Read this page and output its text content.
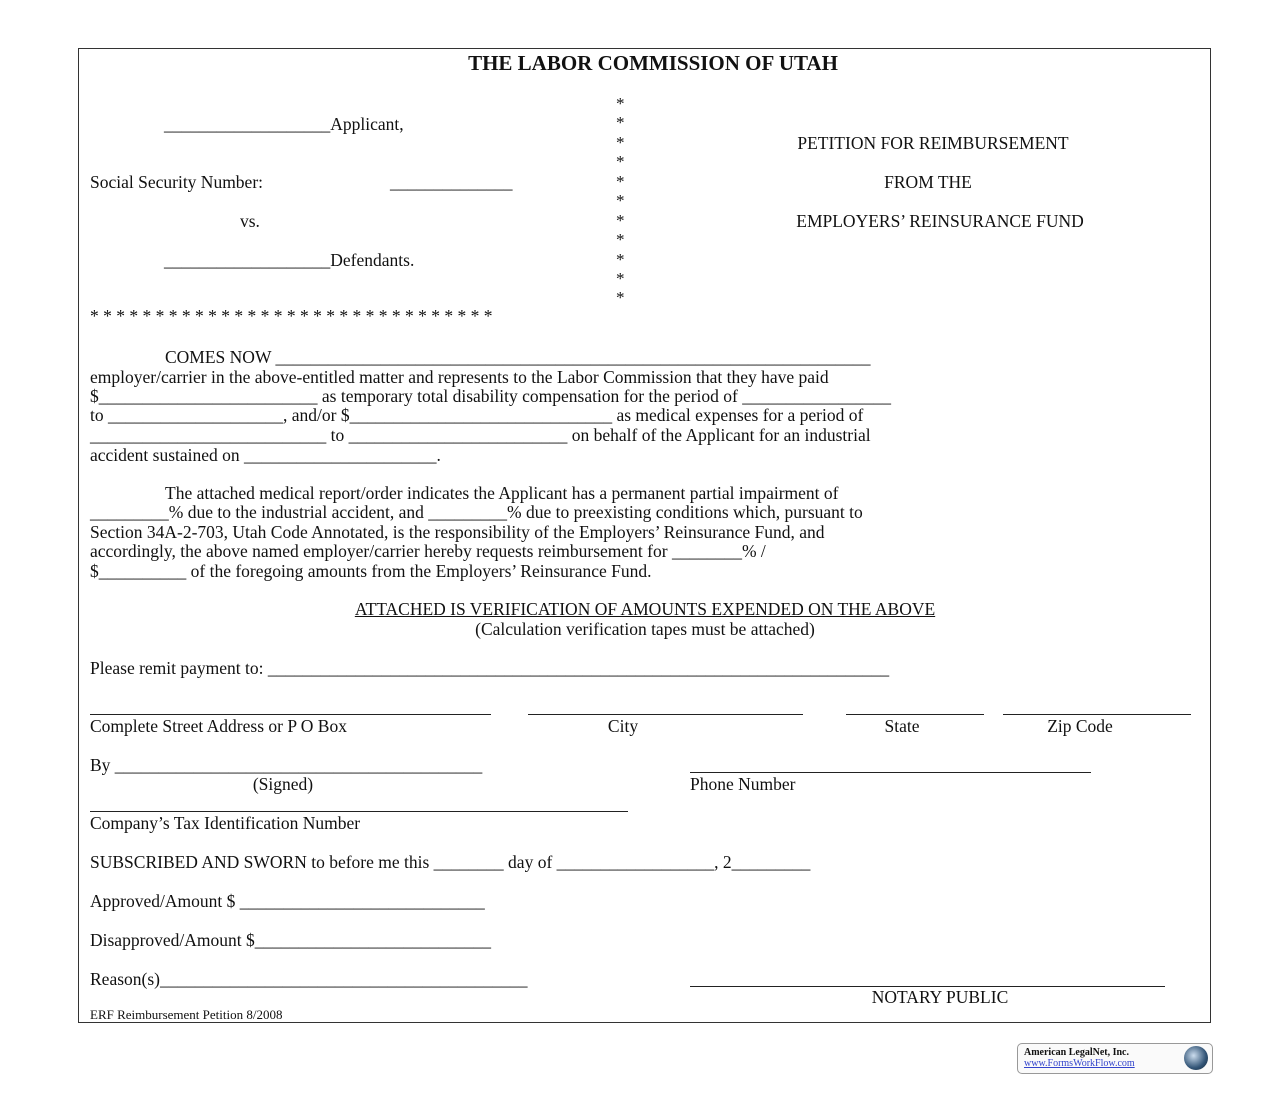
THE LABOR COMMISSION OF UTAH
___________________Applicant,
Social Security Number:	______________
vs.
___________________Defendants.
* * * * * * * * * * * * * * * * * * * * * * * * * * * * * * *
*
*
*
*
*
*
*
*
*
*
*
PETITION FOR REIMBURSEMENT
FROM THE
EMPLOYERS’ REINSURANCE FUND
COMES NOW ____________________________________________________________________
employer/carrier in the above-entitled matter and represents to the Labor Commission that they have paid
$_________________________ as temporary total disability compensation for the period of _________________
to ____________________, and/or $______________________________ as medical expenses for a period of
___________________________ to _________________________ on behalf of the Applicant for an industrial
accident sustained on ______________________.
The attached medical report/order indicates the Applicant has a permanent partial impairment of
_________% due to the industrial accident, and _________% due to preexisting conditions which, pursuant to
Section 34A-2-703, Utah Code Annotated, is the responsibility of the Employers’ Reinsurance Fund, and
accordingly, the above named employer/carrier hereby requests reimbursement for ________% /
$__________ of the foregoing amounts from the Employers’ Reinsurance Fund.
ATTACHED IS VERIFICATION OF AMOUNTS EXPENDED ON THE ABOVE
(Calculation verification tapes must be attached)
Please remit payment to: _______________________________________________________________________
Complete Street Address or P O Box	City	State	Zip Code
By __________________________________________
(Signed)	Phone Number
Company’s Tax Identification Number
SUBSCRIBED AND SWORN to before me this ________ day of __________________, 2_________
Approved/Amount $ ____________________________
Disapproved/Amount $___________________________
Reason(s)__________________________________________
NOTARY PUBLIC
ERF Reimbursement Petition 8/2008
American LegalNet, Inc.
www.FormsWorkFlow.com
